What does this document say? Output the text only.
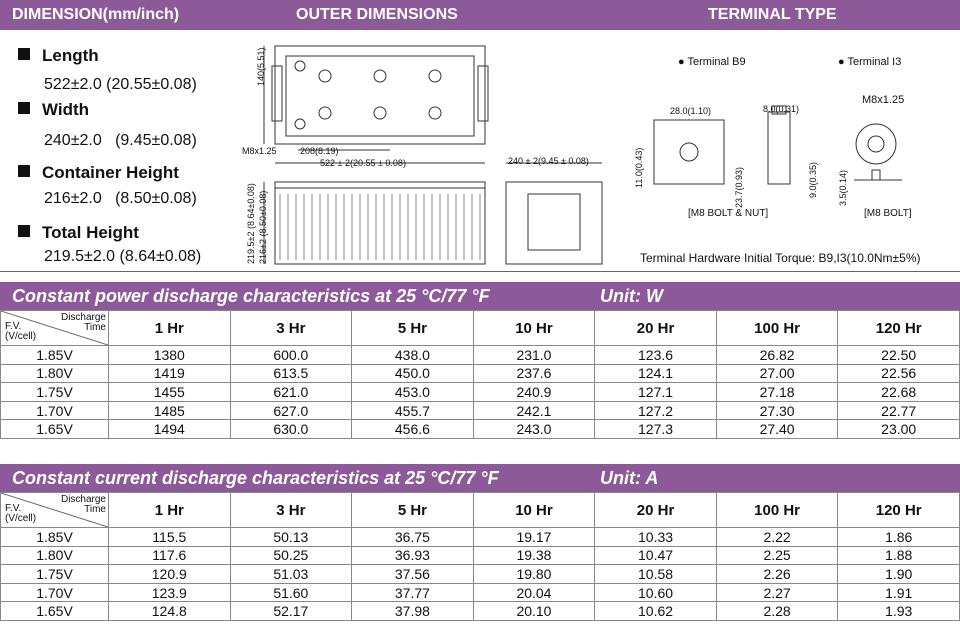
DIMENSION(mm/inch)	OUTER DIMENSIONS	TERMINAL TYPE
Length
522±2.0 (20.55±0.08)
Width
240±2.0 (9.45±0.08)
Container Height
216±2.0 (8.50±0.08)
Total Height
219.5±2.0 (8.64±0.08)
140(5.51)
208(8.19)
M8x1.25
522 ± 2(20.55 ± 0.08)
219.5±2 (8.64±0.08) 216±2 (8.50±0.08)
240 ± 2(9.45 ± 0.08)
● Terminal B9	● Terminal I3
28.0(1.10)	8.0(0.31)
11.0(0.43)	23.7(0.93)	9.0(0.35)
[M8 BOLT & NUT]
M8x1.25
3.5(0.14)
[M8 BOLT]
Terminal Hardware Initial Torque: B9,I3(10.0Nm±5%)
Constant power discharge characteristics at 25 °C/77 °F	Unit: W
Discharge
Time
F.V.
(V/cell)	1 Hr	3 Hr	5 Hr	10 Hr	20 Hr	100 Hr	120 Hr
1.85V	1380	600.0	438.0	231.0	123.6	26.82	22.50
1.80V	1419	613.5	450.0	237.6	124.1	27.00	22.56
1.75V	1455	621.0	453.0	240.9	127.1	27.18	22.68
1.70V	1485	627.0	455.7	242.1	127.2	27.30	22.77
1.65V	1494	630.0	456.6	243.0	127.3	27.40	23.00
Constant current discharge characteristics at 25 °C/77 °F	Unit: A
Discharge
Time
F.V.
(V/cell)	1 Hr	3 Hr	5 Hr	10 Hr	20 Hr	100 Hr	120 Hr
1.85V	115.5	50.13	36.75	19.17	10.33	2.22	1.86
1.80V	117.6	50.25	36.93	19.38	10.47	2.25	1.88
1.75V	120.9	51.03	37.56	19.80	10.58	2.26	1.90
1.70V	123.9	51.60	37.77	20.04	10.60	2.27	1.91
1.65V	124.8	52.17	37.98	20.10	10.62	2.28	1.93
